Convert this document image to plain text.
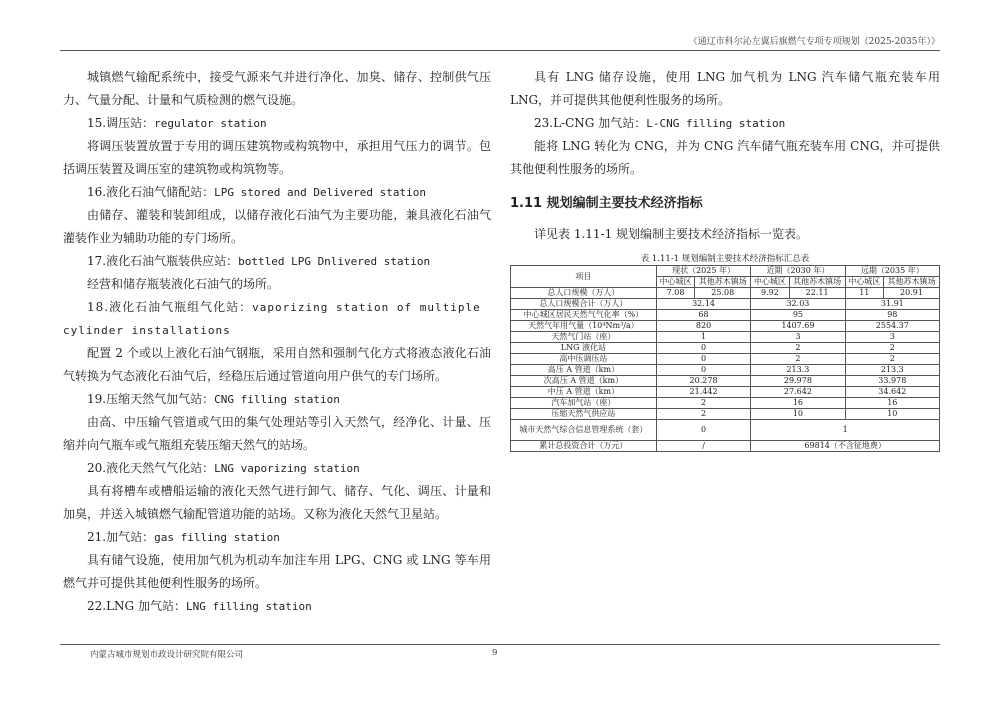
《通辽市科尔沁左翼后旗燃气专项专项规划（2025-2035年）》

城镇燃气输配系统中，接受气源来气并进行净化、加臭、储存、控制供气压力、气量分配、计量和气质检测的燃气设施。

15.调压站：regulator station

将调压装置放置于专用的调压建筑物或构筑物中，承担用气压力的调节。包括调压装置及调压室的建筑物或构筑物等。

16.液化石油气储配站：LPG stored and Delivered station

由储存、灌装和装卸组成，以储存液化石油气为主要功能，兼具液化石油气灌装作业为辅助功能的专门场所。

17.液化石油气瓶装供应站：bottled LPG Dnlivered station

经营和储存瓶装液化石油气的场所。

18.液化石油气瓶组气化站：vaporizing station of multiple cylinder installations

配置 2 个或以上液化石油气钢瓶，采用自然和强制气化方式将液态液化石油气转换为气态液化石油气后，经稳压后通过管道向用户供气的专门场所。

19.压缩天然气加气站：CNG filling station

由高、中压输气管道或气田的集气处理站等引入天然气，经净化、计量、压缩并向气瓶车或气瓶组充装压缩天然气的站场。

20.液化天然气气化站：LNG vaporizing station

具有将槽车或槽船运输的液化天然气进行卸气、储存、气化、调压、计量和加臭，并送入城镇燃气输配管道功能的站场。又称为液化天然气卫星站。

21.加气站：gas filling station

具有储气设施，使用加气机为机动车加注车用 LPG、CNG 或 LNG 等车用燃气并可提供其他便利性服务的场所。

22.LNG 加气站：LNG filling station

具有 LNG 储存设施，使用 LNG 加气机为 LNG 汽车储气瓶充装车用 LNG，并可提供其他便利性服务的场所。

23.L-CNG 加气站：L-CNG filling station

能将 LNG 转化为 CNG，并为 CNG 汽车储气瓶充装车用 CNG，并可提供其他便利性服务的场所。

1.11 规划编制主要技术经济指标

详见表 1.11-1 规划编制主要技术经济指标一览表。

表 1.11-1 规划编制主要技术经济指标汇总表
项目	现状（2025 年）		近期（2030 年）		远期（2035 年）	
	中心城区	其他苏木镇场	中心城区	其他苏木镇场	中心城区	其他苏木镇场
总人口规模（万人）	7.08	25.08	9.92	22.11	11	20.91
总人口规模合计（万人）	32.14		32.03		31.91	
中心城区居民天然气气化率（%）	68		95		98	
天然气年用气量（10⁴Nm³/a）	820		1407.69		2554.37	
天然气门站（座）	1		3		3	
LNG 液化站	0		2		2	
高中压调压站	0		2		2	
高压 A 管道（km）	0		213.3		213.3	
次高压 A 管道（km）	20.278		29.978		33.978	
中压 A 管道（km）	21.442		27.642		34.642	
汽车加气站（座）	2		16		16	
压缩天然气供应站	2		10		10	
城市天然气综合信息管理系统（套）	0		1			
累计总投资合计（万元）	/		69814（不含征地费）			
内蒙古城市规划市政设计研究院有限公司	9
